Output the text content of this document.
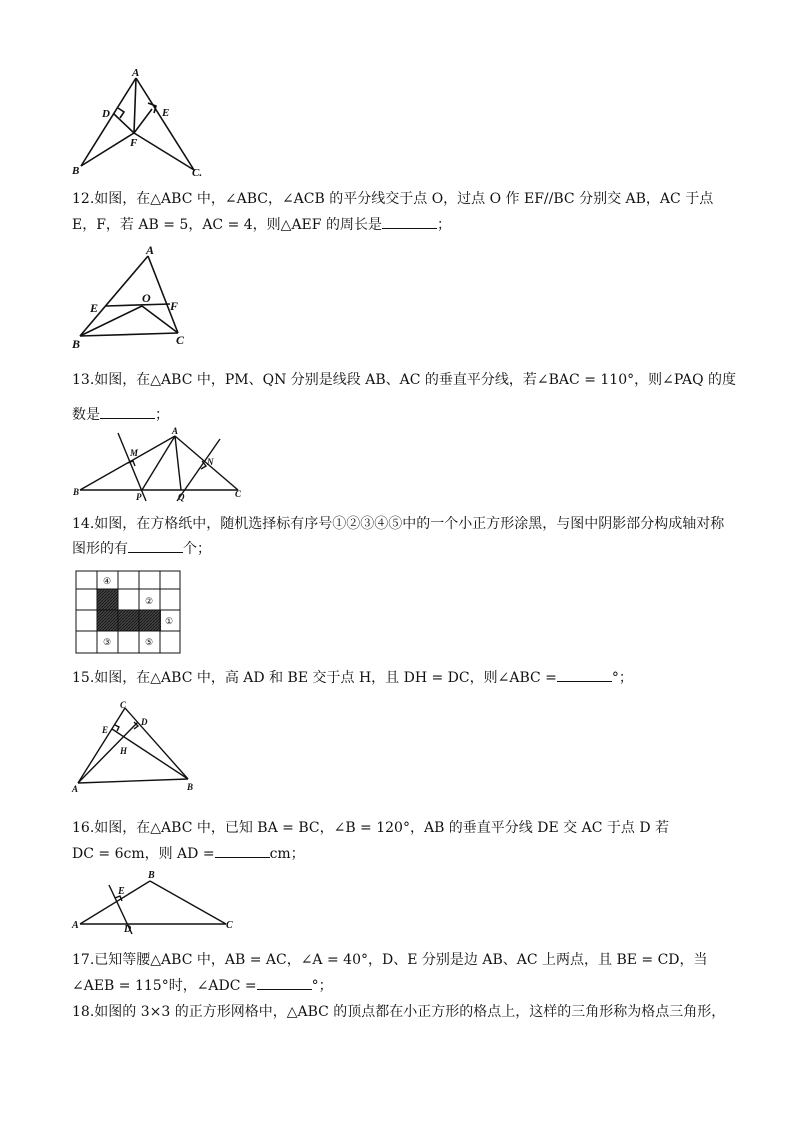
A
D	E
F
B	C.
12.如图，在△ABC 中，∠ABC，∠ACB 的平分线交于点 O，过点 O 作 EF//BC 分别交 AB，AC 于点
E，F，若 AB = 5，AC = 4，则△AEF 的周长是	；
A
E
O
F
B	C
13.如图，在△ABC 中，PM、QN 分别是线段 AB、AC 的垂直平分线，若∠BAC = 110°，则∠PAQ 的度
数是	；
A
M
N
B	P	Q	C
14.如图，在方格纸中，随机选择标有序号①②③④⑤中的一个小正方形涂黑，与图中阴影部分构成轴对称
图形的有	个；
④
②
①
③	⑤
15.如图，在△ABC 中，高 AD 和 BE 交于点 H，且 DH = DC，则∠ABC =	°；
C
D
E
H
A	B
16.如图，在△ABC 中，已知 BA = BC，∠B = 120°，AB 的垂直平分线 DE 交 AC 于点 D 若
DC = 6cm，则 AD =	cm；
B
E
A	D	C
17.已知等腰△ABC 中，AB = AC，∠A = 40°，D、E 分别是边 AB、AC 上两点，且 BE = CD，当
∠AEB = 115°时，∠ADC =	°；
18.如图的 3×3 的正方形网格中，△ABC 的顶点都在小正方形的格点上，这样的三角形称为格点三角形，
